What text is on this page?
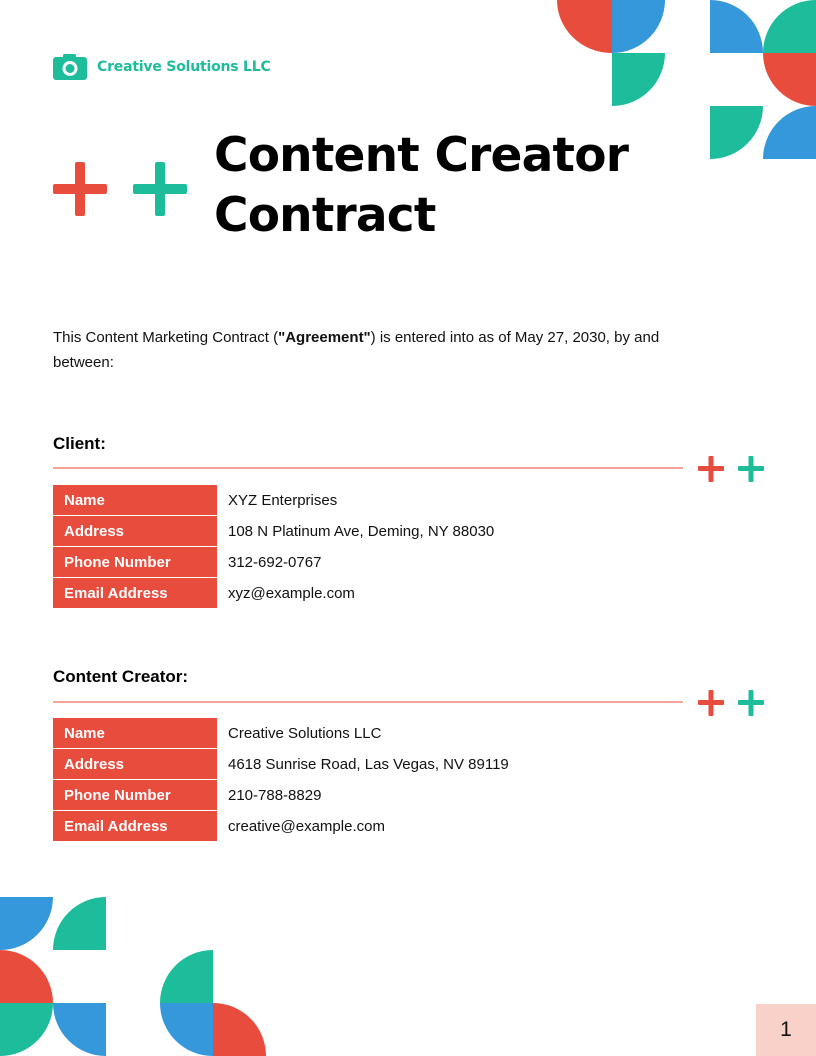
Creative Solutions LLC
Content Creator
Contract

This Content Marketing Contract ("Agreement") is entered into as of May 27, 2030, by and between:

Client:
Name	XYZ Enterprises
Address	108 N Platinum Ave, Deming, NY 88030
Phone Number	312-692-0767
Email Address	xyz@example.com
Content Creator:
Name	Creative Solutions LLC
Address	4618 Sunrise Road, Las Vegas, NV 89119
Phone Number	210-788-8829
Email Address	creative@example.com
1
